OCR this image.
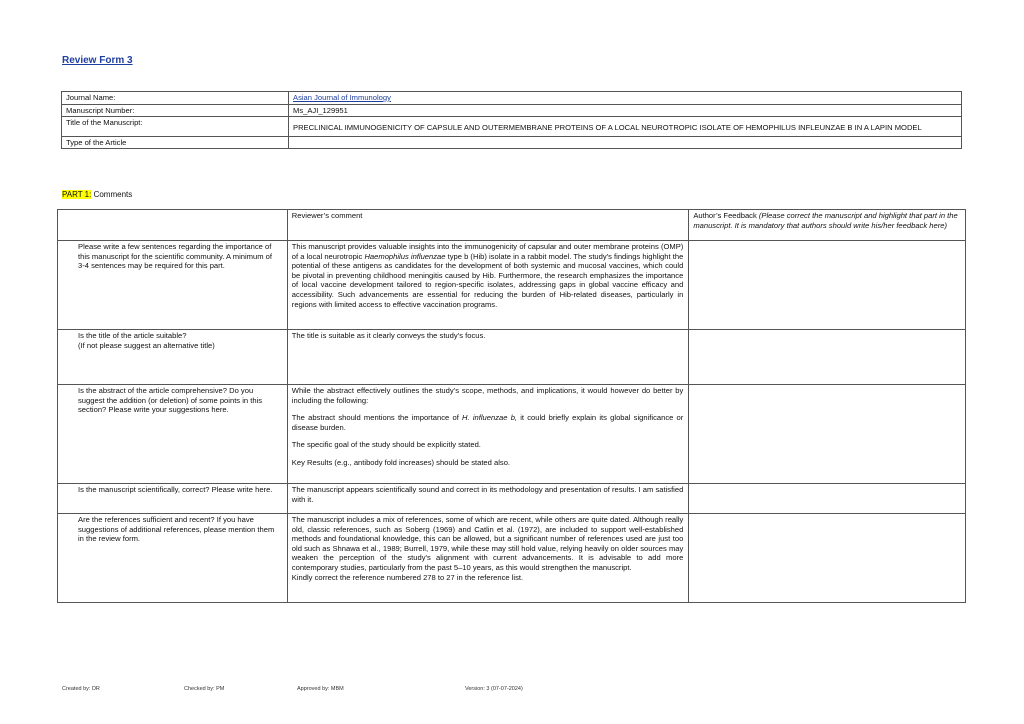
Review Form 3
Journal Name:	Asian Journal of Immunology
Manuscript Number:	Ms_AJI_129951
Title of the Manuscript:	PRECLINICAL IMMUNOGENICITY OF CAPSULE AND OUTERMEMBRANE PROTEINS OF A LOCAL NEUROTROPIC ISOLATE OF HEMOPHILUS INFLEUNZAE B IN A LAPIN MODEL
Type of the Article	
PART 1: Comments
	Reviewer’s comment	Author’s Feedback (Please correct the manuscript and highlight that part in the manuscript. It is mandatory that authors should write his/her feedback here)
Please write a few sentences regarding the importance of this manuscript for the scientific community. A minimum of 3-4 sentences may be required for this part.	This manuscript provides valuable insights into the immunogenicity of capsular and outer membrane proteins (OMP) of a local neurotropic Haemophilus influenzae type b (Hib) isolate in a rabbit model. The study's findings highlight the potential of these antigens as candidates for the development of both systemic and mucosal vaccines, which could be pivotal in preventing childhood meningitis caused by Hib. Furthermore, the research emphasizes the importance of local vaccine development tailored to region-specific isolates, addressing gaps in global vaccine efficacy and accessibility. Such advancements are essential for reducing the burden of Hib-related diseases, particularly in regions with limited access to effective vaccination programs.	
Is the title of the article suitable?
(If not please suggest an alternative title)	The title is suitable as it clearly conveys the study’s focus.	
Is the abstract of the article comprehensive? Do you suggest the addition (or deletion) of some points in this section? Please write your suggestions here.	While the abstract effectively outlines the study’s scope, methods, and implications, it would however do better by including the following:

The abstract should mentions the importance of H. influenzae b, it could briefly explain its global significance or disease burden.

The specific goal of the study should be explicitly stated.

Key Results (e.g., antibody fold increases) should be stated also.	

Is the manuscript scientifically, correct? Please write here.	The manuscript appears scientifically sound and correct in its methodology and presentation of results. I am satisfied with it.	
Are the references sufficient and recent? If you have suggestions of additional references, please mention them in the review form.	The manuscript includes a mix of references, some of which are recent, while others are quite dated. Although really old, classic references, such as Soberg (1969) and Catlin et al. (1972), are included to support well-established methods and foundational knowledge, this can be allowed, but a significant number of references used are just too old such as Shnawa et al., 1989; Burrell, 1979, while these may still hold value, relying heavily on older sources may weaken the perception of the study's alignment with current advancements. It is advisable to add more contemporary studies, particularly from the past 5–10 years, as this would strengthen the manuscript.
Kindly correct the reference numbered 278 to 27 in the reference list.	

Created by: DR	Checked by: PM	Approved by: MBM	Version: 3 (07-07-2024)
